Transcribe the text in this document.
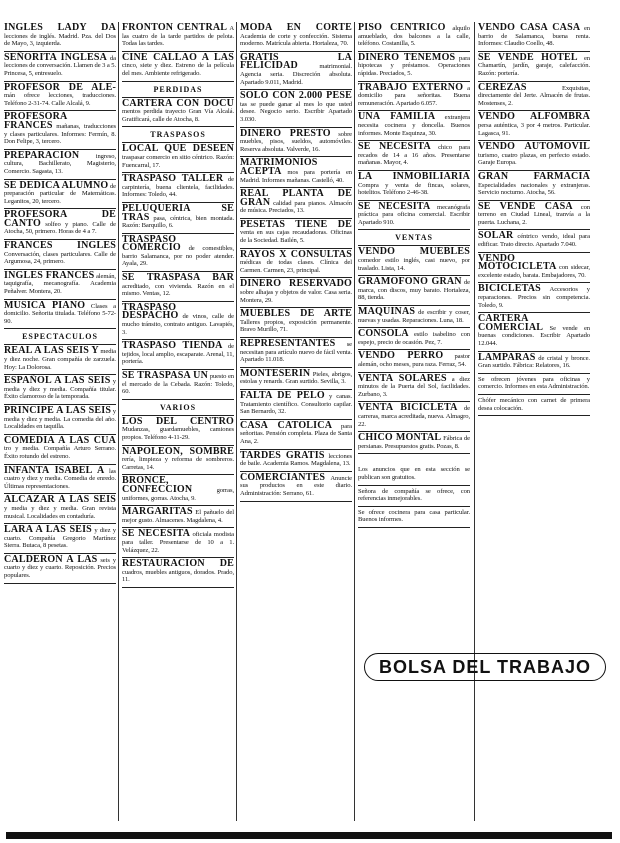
INGLES LADY DA lecciones de inglés. Madrid. Pza. del Dos de Mayo, 3, izquierda.
SEÑORITA INGLESA da lecciones de conversación. Llamen de 3 a 5. Princesa, 5, entresuelo.
PROFESOR DE ALE- mán ofrece lecciones, traducciones. Teléfono 2-31-74. Calle Alcalá, 9.
PROFESORA FRANCES mañanas, traducciones y clases particulares. Informes: Fermín, 8. Don Felipe, 3, tercero.
PREPARACION ingreso, cultura, Bachillerato, Magisterio, Comercio. Sagasta, 13.
SE DEDICA ALUMNO de preparación particular de Matemáticas. Leganitos, 20, tercero.
PROFESORA DE CANTO solfeo y piano. Calle de Atocha, 50, primero. Horas de 4 a 7.
FRANCES INGLES Conversación, clases particulares. Calle de Argumosa, 24, primero.
INGLES FRANCES alemán, taquigrafía, mecanografía. Academia Peñalver. Montera, 20.
MUSICA PIANO Clases a domicilio. Señorita titulada. Teléfono 5-72-90.
ESPECTACULOS
REAL A LAS SEIS Y media y diez noche. Gran compañía de zarzuela. Hoy: La Dolorosa.
ESPAÑOL A LAS SEIS y media y diez y media. Compañía titular. Éxito clamoroso de la temporada.
PRINCIPE A LAS SEIS y media y diez y media. La comedia del año. Localidades en taquilla.
COMEDIA A LAS CUA tro y media. Compañía Arturo Serrano. Éxito rotundo del estreno.
INFANTA ISABEL A las cuatro y diez y media. Comedia de enredo. Últimas representaciones.
ALCAZAR A LAS SEIS y media y diez y media. Gran revista musical. Localidades en contaduría.
LARA A LAS SEIS y diez y cuarto. Compañía Gregorio Martínez Sierra. Butaca, 8 pesetas.
CALDERON A LAS seis y cuarto y diez y cuarto. Reposición. Precios populares.
FRONTON CENTRAL A las cuatro de la tarde partidos de pelota. Todas las tardes.
CINE CALLAO A LAS cinco, siete y diez. Estreno de la película del mes. Ambiente refrigerado.
PERDIDAS
CARTERA CON DOCU mentos perdida trayecto Gran Vía Alcalá. Gratificará, calle de Atocha, 8.
TRASPASOS
LOCAL QUE DESEEN traspasar comercio en sitio céntrico. Razón: Fuencarral, 17.
TRASPASO TALLER de carpintería, buena clientela, facilidades. Informes: Toledo, 44.
PELUQUERIA SE TRAS pasa, céntrica, bien montada. Razón: Barquillo, 6.
TRASPASO COMERCIO de comestibles, barrio Salamanca, por no poder atender. Ayala, 29.
SE TRASPASA BAR acreditado, con vivienda. Razón en el mismo. Ventas, 12.
TRASPASO DESPACHO de vinos, calle de mucho tránsito, contrato antiguo. Lavapiés, 3.
TRASPASO TIENDA de tejidos, local amplio, escaparate. Arenal, 11, portería.
SE TRASPASA UN puesto en el mercado de la Cebada. Razón: Toledo, 60.
VARIOS
LOS DEL CENTRO Mudanzas, guardamuebles, camiones propios. Teléfono 4-11-29.
NAPOLEON, SOMBRE rería, limpieza y reforma de sombreros. Carretas, 14.
BRONCE, CONFECCION	gorras, uniformes, gorras. Atocha, 9.
MARGARITAS El pañuelo del mejor gusto. Almacenes. Magdalena, 4.
SE NECESITA oficiala modista para taller. Presentarse de 10 a 1. Velázquez, 22.
RESTAURACION DE cuadros, muebles antiguos, dorados. Prado, 11.
MODA EN CORTE Academia de corte y confección. Sistema moderno. Matrícula abierta. Hortaleza, 70.
GRATIS LA FELICIDAD	matrimonial. Agencia seria. Discreción absoluta. Apartado 9.011, Madrid.
SOLO CON 2.000 PESE tas se puede ganar al mes lo que usted desee. Negocio serio. Escribir Apartado 3.030.
DINERO PRESTO sobre muebles, pisos, sueldos, automóviles. Reserva absoluta. Valverde, 16.
MATRIMONIOS ACEPTA mos para portería en Madrid. Informes mañanas. Castelló, 40.
REAL PLANTA DE GRAN calidad para pianos. Almacén de música. Preciados, 13.
PESETAS TIENE DE venta en sus cajas recaudadoras. Oficinas de la Sociedad. Bailén, 5.
RAYOS X CONSULTAS médicas de todas clases. Clínica del Carmen. Carmen, 23, principal.
DINERO RESERVADO sobre alhajas y objetos de valor. Casa seria. Montera, 29.
MUEBLES DE ARTE Talleres propios, exposición permanente. Bravo Murillo, 71.
REPRESENTANTES se necesitan para artículo nuevo de fácil venta. Apartado 11.018.
MONTESERIN Pieles, abrigos, estolas y renards. Gran surtido. Sevilla, 3.
FALTA DE PELO y canas. Tratamiento científico. Consultorio capilar. San Bernardo, 32.
CASA CATOLICA para señoritas. Pensión completa. Plaza de Santa Ana, 2.
TARDES GRATIS lecciones de baile. Academia Ramos. Magdalena, 13.
COMERCIANTES Anuncie sus productos en este diario. Administración: Serrano, 61.
PISO CENTRICO alquilo amueblado, dos balcones a la calle, teléfono. Costanilla, 5.
DINERO TENEMOS para hipotecas y préstamos. Operaciones rápidas. Preciados, 5.
TRABAJO EXTERNO a domicilio para señoritas. Buena remuneración. Apartado 6.057.
UNA FAMILIA extranjera necesita cocinera y doncella. Buenos informes. Monte Esquinza, 30.
SE NECESITA chico para recados de 14 a 16 años. Presentarse mañanas. Mayor, 4.
LA INMOBILIARIA Compra y venta de fincas, solares, hotelitos. Teléfono 2-46-38.
SE NECESITA mecanógrafa práctica para oficina comercial. Escribir Apartado 910.
VENTAS
VENDO MUEBLES comedor estilo inglés, casi nuevo, por traslado. Lista, 14.
GRAMOFONO GRAN de marca, con discos, muy barato. Hortaleza, 88, tienda.
MAQUINAS de escribir y coser, nuevas y usadas. Reparaciones. Luna, 18.
CONSOLA estilo isabelino con espejo, precio de ocasión. Pez, 7.
VENDO PERRO pastor alemán, ocho meses, pura raza. Ferraz, 54.
VENTA SOLARES a diez minutos de la Puerta del Sol, facilidades. Zurbano, 3.
VENTA BICICLETA de carreras, marca acreditada, nueva. Almagro, 22.
CHICO MONTAL Fábrica de persianas. Presupuestos gratis. Pozas, 8.
Los anuncios que en esta sección se publican son gratuitos.
Señora de compañía se ofrece, con referencias inmejorables.
Se ofrece cocinera para casa particular. Buenos informes.
VENDO CASA CASA en barrio de Salamanca, buena renta. Informes: Claudio Coello, 48.
SE VENDE HOTEL en Chamartín, jardín, garaje, calefacción. Razón: portería.
CEREZAS	Exquisitas, directamente del Jerte. Almacén de frutas. Mostenses, 2.
VENDO ALFOMBRA persa auténtica, 3 por 4 metros. Particular. Lagasca, 91.
VENDO AUTOMOVIL turismo, cuatro plazas, en perfecto estado. Garaje Europa.
GRAN FARMACIA Especialidades nacionales y extranjeras. Servicio nocturno. Atocha, 56.
SE VENDE CASA con terreno en Ciudad Lineal, tranvía a la puerta. Luchana, 2.
SOLAR céntrico vendo, ideal para edificar. Trato directo. Apartado 7.040.
VENDO MOTOCICLETA con sidecar, excelente estado, barata. Embajadores, 70.
BICICLETAS Accesorios y reparaciones. Precios sin competencia. Toledo, 9.
CARTERA COMERCIAL Se vende en buenas condiciones. Escribir Apartado 12.044.
LAMPARAS de cristal y bronce. Gran surtido. Fábrica: Relatores, 16.
Se ofrecen jóvenes para oficinas y comercio. Informes en esta Administración.
Chófer mecánico con carnet de primera desea colocación.
BOLSA DEL TRABAJO
